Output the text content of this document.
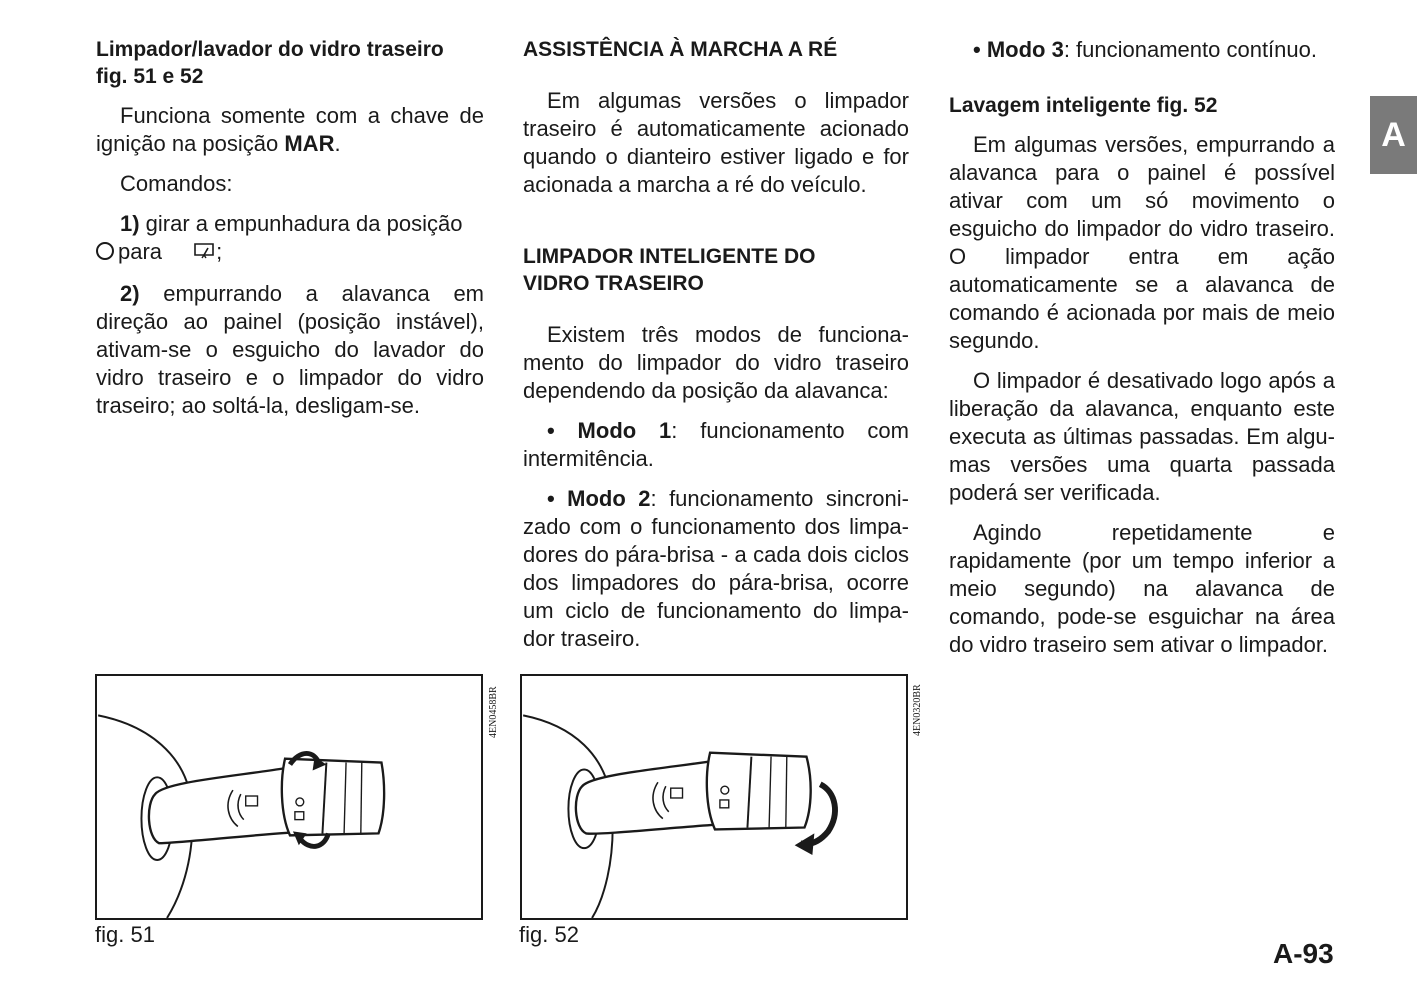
Limpador/lavador do vidro traseiro
fig. 51 e 52

Funciona somente com a chave de ignição na posição MAR.

Comandos:

1) girar a empunhadura da posição
para ;

2) empurrando a alavanca em direção ao painel (posição instável), ativam-se o esguicho do lavador do vidro traseiro e o limpador do vidro traseiro; ao soltá-la, desligam-se.

ASSISTÊNCIA À MARCHA A RÉ

Em algumas versões o limpador traseiro é automaticamente acionado quando o dianteiro estiver ligado e for acionada a marcha a ré do veículo.

LIMPADOR INTELIGENTE DO
VIDRO TRASEIRO

Existem três modos de funciona-mento do limpador do vidro traseiro dependendo da posição da alavanca:

• Modo 1: funcionamento com intermitência.

• Modo 2: funcionamento sincroni-zado com o funcionamento dos limpa-dores do pára-brisa - a cada dois ciclos dos limpadores do pára-brisa, ocorre um ciclo de funcionamento do limpa-dor traseiro.

• Modo 3: funcionamento contínuo.

Lavagem inteligente fig. 52

Em algumas versões, empurrando a alavanca para o painel é possível ativar com um só movimento o esguicho do limpador do vidro traseiro. O limpador entra em ação automaticamente se a alavanca de comando é acionada por mais de meio segundo.

O limpador é desativado logo após a liberação da alavanca, enquanto este executa as últimas passadas. Em algu-mas versões uma quarta passada poderá ser verificada.

Agindo repetidamente e rapidamente (por um tempo inferior a meio segundo) na alavanca de comando, pode-se esguichar na área do vidro traseiro sem ativar o limpador.

fig. 51
4EN0458BR
fig. 52
4EN0320BR
A
A-93
